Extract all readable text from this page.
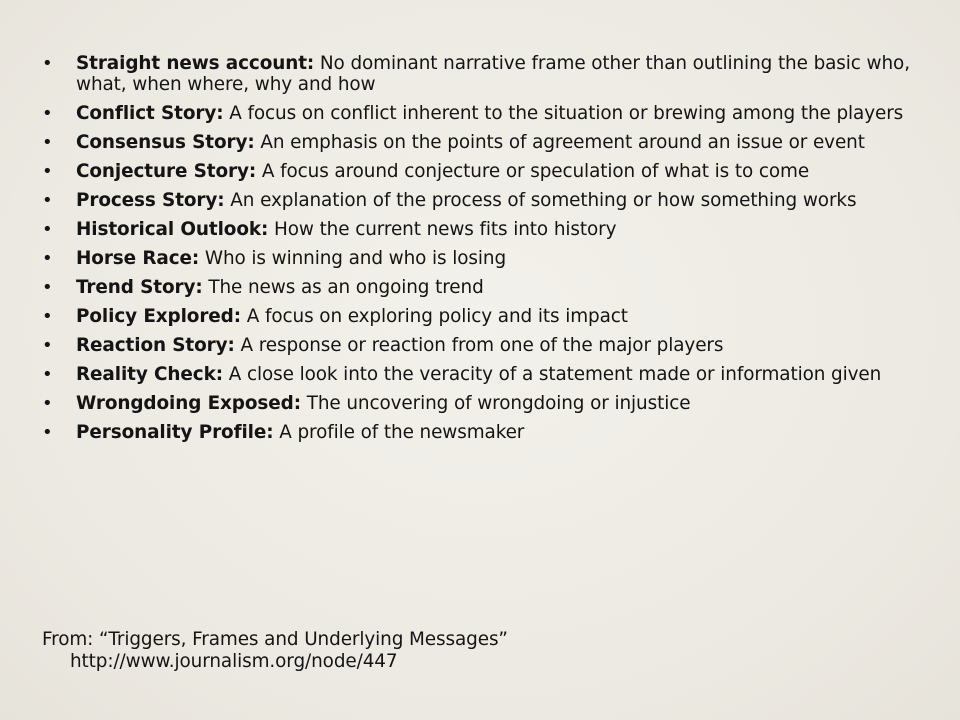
•	Straight news account: No dominant narrative frame other than outlining the basic who, what, when where, why and how
•	Conflict Story: A focus on conflict inherent to the situation or brewing among the players
•	Consensus Story: An emphasis on the points of agreement around an issue or event
•	Conjecture Story: A focus around conjecture or speculation of what is to come
•	Process Story: An explanation of the process of something or how something works
•	Historical Outlook: How the current news fits into history
•	Horse Race: Who is winning and who is losing
•	Trend Story: The news as an ongoing trend
•	Policy Explored: A focus on exploring policy and its impact
•	Reaction Story: A response or reaction from one of the major players
•	Reality Check: A close look into the veracity of a statement made or information given
•	Wrongdoing Exposed: The uncovering of wrongdoing or injustice
•	Personality Profile: A profile of the newsmaker
From: “Triggers, Frames and Underlying Messages”
http://www.journalism.org/node/447
